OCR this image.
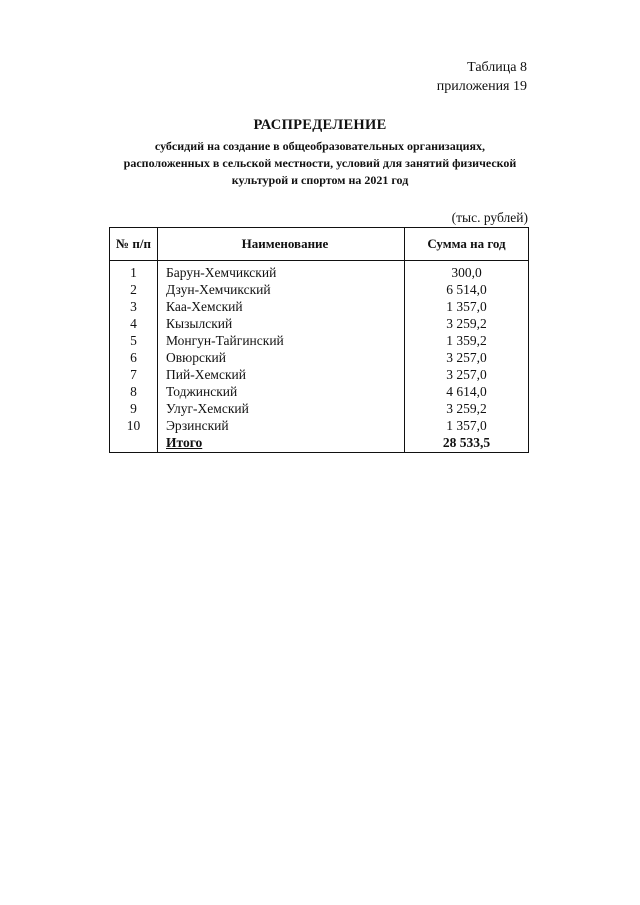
Таблица 8
приложения 19
РАСПРЕДЕЛЕНИЕ
субсидий на создание в общеобразовательных организациях,
расположенных в сельской местности, условий для занятий физической
культурой и спортом на 2021 год
(тыс. рублей)
№ п/п	Наименование	Сумма на год
1	Барун-Хемчикский	300,0
2	Дзун-Хемчикский	6 514,0
3	Каа-Хемский	1 357,0
4	Кызылский	3 259,2
5	Монгун-Тайгинский	1 359,2
6	Овюрский	3 257,0
7	Пий-Хемский	3 257,0
8	Тоджинский	4 614,0
9	Улуг-Хемский	3 259,2
10	Эрзинский	1 357,0
	Итого	28 533,5
